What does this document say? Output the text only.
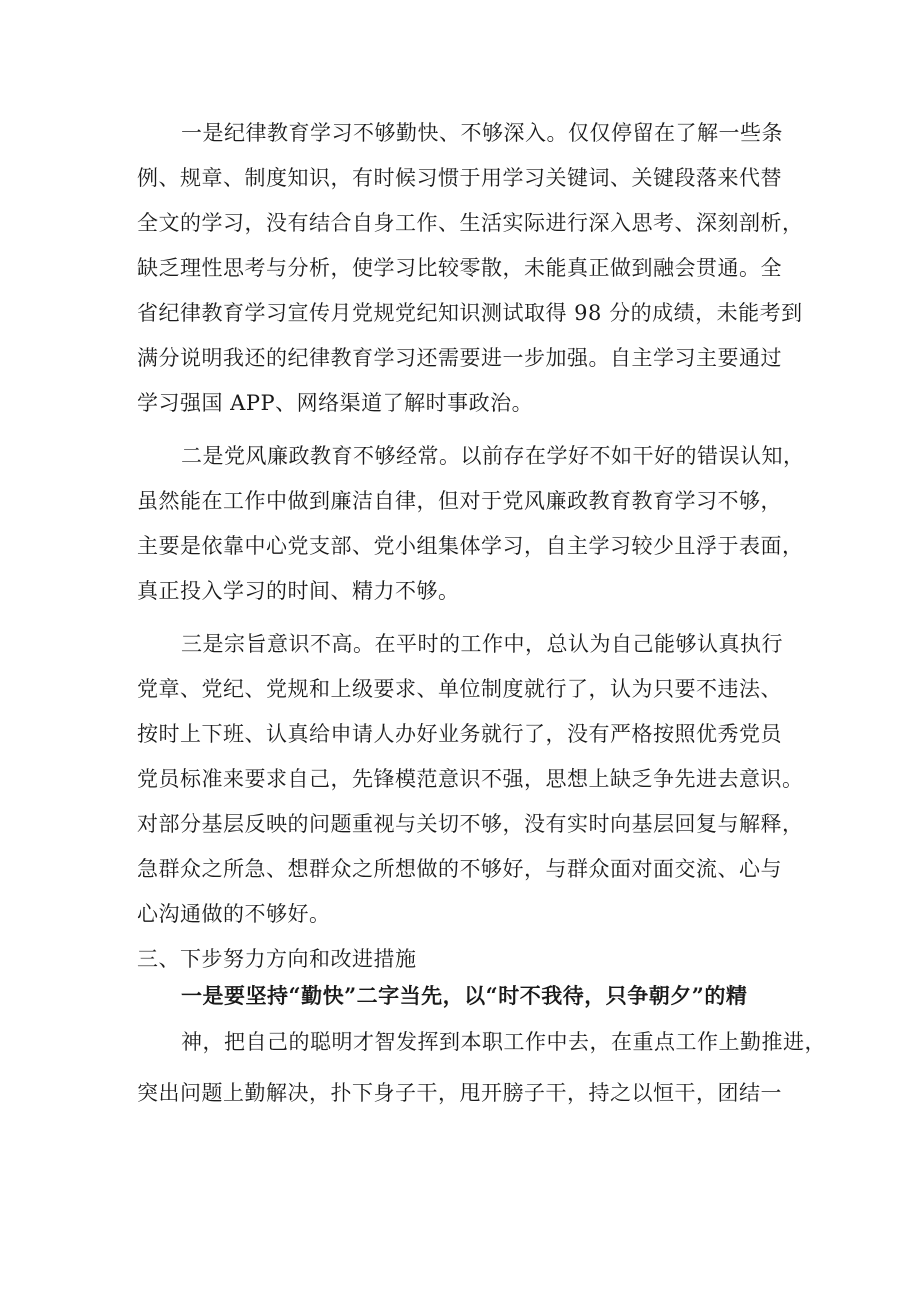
一是纪律教育学习不够勤快、不够深入。仅仅停留在了解一些条
例、规章、制度知识，有时候习惯于用学习关键词、关键段落来代替
全文的学习，没有结合自身工作、生活实际进行深入思考、深刻剖析，
缺乏理性思考与分析，使学习比较零散，未能真正做到融会贯通。全
省纪律教育学习宣传月党规党纪知识测试取得 98 分的成绩，未能考到
满分说明我还的纪律教育学习还需要进一步加强。自主学习主要通过
学习强国 APP、网络渠道了解时事政治。
二是党风廉政教育不够经常。以前存在学好不如干好的错误认知，
虽然能在工作中做到廉洁自律，但对于党风廉政教育教育学习不够，
主要是依靠中心党支部、党小组集体学习，自主学习较少且浮于表面，
真正投入学习的时间、精力不够。
三是宗旨意识不高。在平时的工作中，总认为自己能够认真执行
党章、党纪、党规和上级要求、单位制度就行了，认为只要不违法、
按时上下班、认真给申请人办好业务就行了，没有严格按照优秀党员
党员标准来要求自己，先锋模范意识不强，思想上缺乏争先进去意识。
对部分基层反映的问题重视与关切不够，没有实时向基层回复与解释，
急群众之所急、想群众之所想做的不够好，与群众面对面交流、心与
心沟通做的不够好。
三、下步努力方向和改进措施
一是要坚持“勤快”二字当先，以“时不我待，只争朝夕”的精
神，把自己的聪明才智发挥到本职工作中去，在重点工作上勤推进，
突出问题上勤解决，扑下身子干，甩开膀子干，持之以恒干，团结一
